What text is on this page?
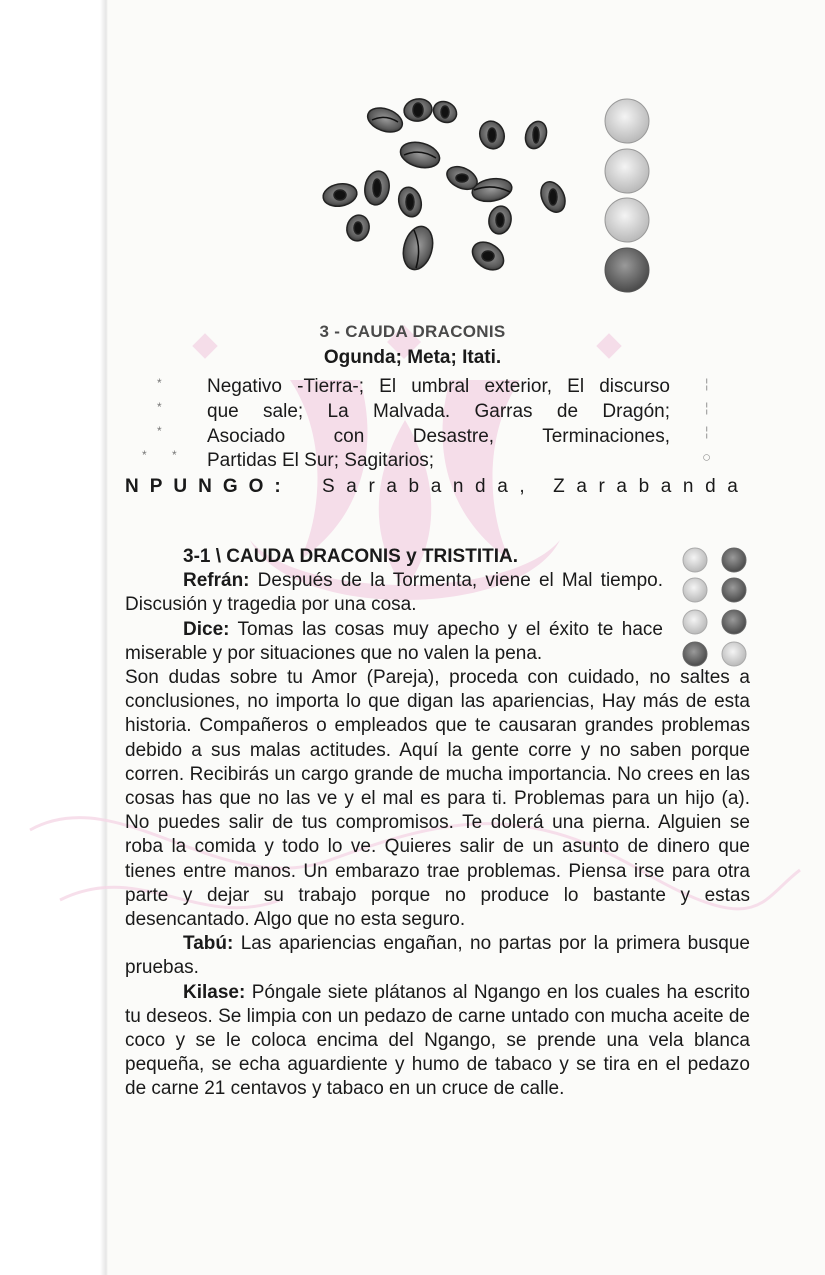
3 - CAUDA DRACONIS
Ogunda; Meta; Itati.
*
*
*
* *
Negativo -Tierra-; El umbral exterior, El discurso
que sale; La Malvada. Garras de Dragón;
Asociado con Desastre, Terminaciones,
Partidas El Sur; Sagitarios;
¦
¦
¦
○
NPUNGO: Sarabanda, Zarabanda

3-1 \ CAUDA DRACONIS y TRISTITIA.

Refrán: Después de la Tormenta, viene el Mal tiempo. Discusión y tragedia por una cosa.

Dice: Tomas las cosas muy apecho y el éxito te hace miserable y por situaciones que no valen la pena.

Son dudas sobre tu Amor (Pareja), proceda con cuidado, no saltes a conclusiones, no importa lo que digan las apariencias, Hay más de esta historia. Compañeros o empleados que te causaran grandes problemas debido a sus malas actitudes. Aquí la gente corre y no saben porque corren. Recibirás un cargo grande de mucha importancia. No crees en las cosas has que no las ve y el mal es para ti. Problemas para un hijo (a). No puedes salir de tus compromisos. Te dolerá una pierna. Alguien se roba la comida y todo lo ve. Quieres salir de un asunto de dinero que tienes entre manos. Un embarazo trae problemas. Piensa irse para otra parte y dejar su trabajo porque no produce lo bastante y estas desencantado. Algo que no esta seguro.

Tabú: Las apariencias engañan, no partas por la primera busque pruebas.

Kilase: Póngale siete plátanos al Ngango en los cuales ha escrito tu deseos. Se limpia con un pedazo de carne untado con mucha aceite de coco y se le coloca encima del Ngango, se prende una vela blanca pequeña, se echa aguardiente y humo de tabaco y se tira en el pedazo de carne 21 centavos y tabaco en un cruce de calle.
